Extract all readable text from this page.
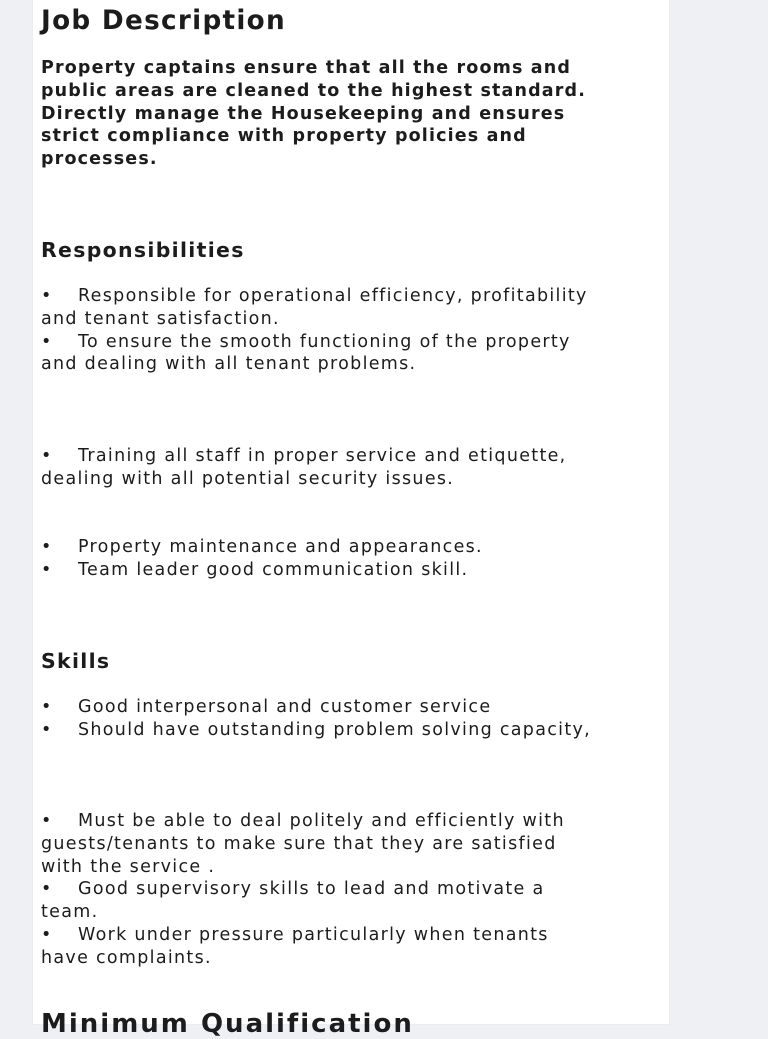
Job Description

Property captains ensure that all the rooms and public areas are cleaned to the highest standard. Directly manage the Housekeeping and ensures strict compliance with property policies and processes.

Responsibilities
• Responsible for operational efficiency, profitability and tenant satisfaction.
• To ensure the smooth functioning of the property and dealing with all tenant problems.
• Training all staff in proper service and etiquette, dealing with all potential security issues.
• Property maintenance and appearances.
• Team leader good communication skill.
Skills
• Good interpersonal and customer service
• Should have outstanding problem solving capacity,
• Must be able to deal politely and efficiently with guests/tenants to make sure that they are satisfied with the service .
• Good supervisory skills to lead and motivate a team.
• Work under pressure particularly when tenants have complaints.
Minimum Qualification
